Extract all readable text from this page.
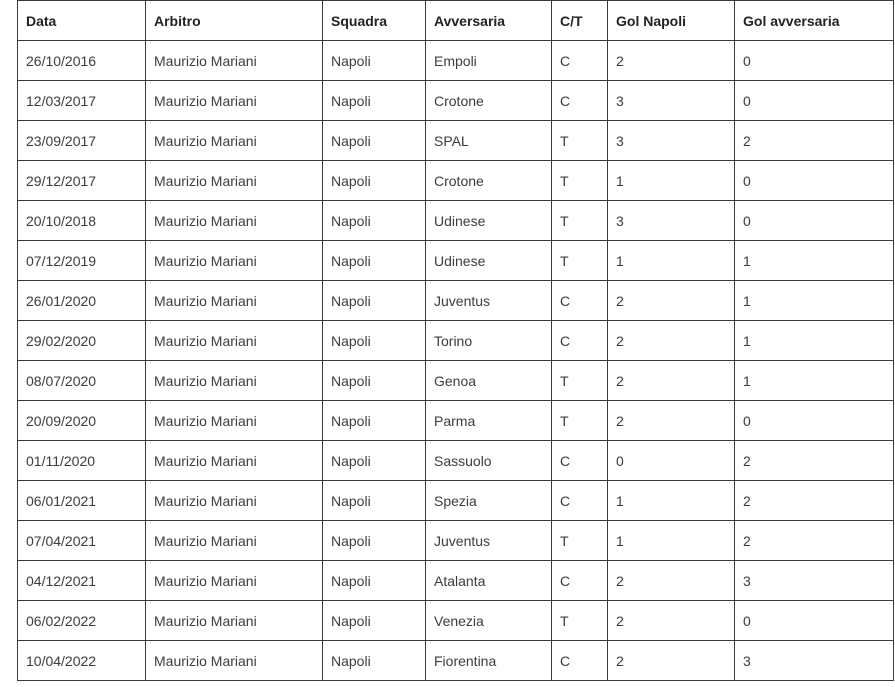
Data	Arbitro	Squadra	Avversaria	C/T	Gol Napoli	Gol avversaria
26/10/2016	Maurizio Mariani	Napoli	Empoli	C	2	0
12/03/2017	Maurizio Mariani	Napoli	Crotone	C	3	0
23/09/2017	Maurizio Mariani	Napoli	SPAL	T	3	2
29/12/2017	Maurizio Mariani	Napoli	Crotone	T	1	0
20/10/2018	Maurizio Mariani	Napoli	Udinese	T	3	0
07/12/2019	Maurizio Mariani	Napoli	Udinese	T	1	1
26/01/2020	Maurizio Mariani	Napoli	Juventus	C	2	1
29/02/2020	Maurizio Mariani	Napoli	Torino	C	2	1
08/07/2020	Maurizio Mariani	Napoli	Genoa	T	2	1
20/09/2020	Maurizio Mariani	Napoli	Parma	T	2	0
01/11/2020	Maurizio Mariani	Napoli	Sassuolo	C	0	2
06/01/2021	Maurizio Mariani	Napoli	Spezia	C	1	2
07/04/2021	Maurizio Mariani	Napoli	Juventus	T	1	2
04/12/2021	Maurizio Mariani	Napoli	Atalanta	C	2	3
06/02/2022	Maurizio Mariani	Napoli	Venezia	T	2	0
10/04/2022	Maurizio Mariani	Napoli	Fiorentina	C	2	3
